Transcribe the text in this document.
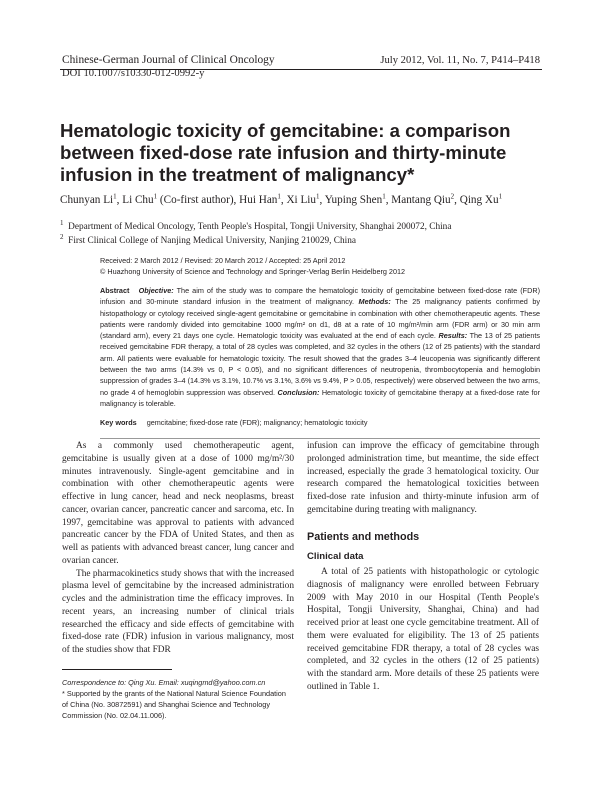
Chinese-German Journal of Clinical Oncology
DOI 10.1007/s10330-012-0992-y
July 2012, Vol. 11, No. 7, P414–P418
Hematologic toxicity of gemcitabine: a comparison between fixed-dose rate infusion and thirty-minute infusion in the treatment of malignancy*
Chunyan Li$^1$, Li Chu$^1$ (Co-first author), Hui Han$^1$, Xi Liu$^1$, Yuping Shen$^1$, Mantang Qiu$^2$, Qing Xu$^1$
$^1$ Department of Medical Oncology, Tenth People's Hospital, Tongji University, Shanghai 200072, China
$^2$ First Clinical College of Nanjing Medical University, Nanjing 210029, China
Received: 2 March 2012 / Revised: 20 March 2012 / Accepted: 25 April 2012
© Huazhong University of Science and Technology and Springer-Verlag Berlin Heidelberg 2012

Abstract Objective: The aim of the study was to compare the hematologic toxicity of gemcitabine between fixed-dose rate (FDR) infusion and 30-minute standard infusion in the treatment of malignancy. Methods: The 25 malignancy patients confirmed by histopathology or cytology received single-agent gemcitabine or gemcitabine in combination with other chemotherapeutic agents. These patients were randomly divided into gemcitabine 1000 mg/m² on d1, d8 at a rate of 10 mg/m²/min arm (FDR arm) or 30 min arm (standard arm), every 21 days one cycle. Hematologic toxicity was evaluated at the end of each cycle. Results: The 13 of 25 patients received gemcitabine FDR therapy, a total of 28 cycles was completed, and 32 cycles in the others (12 of 25 patients) with the standard arm. All patients were evaluable for hematologic toxicity. The result showed that the grades 3–4 leucopenia was significantly different between the two arms (14.3% vs 0, P < 0.05), and no significant differences of neutropenia, thrombocytopenia and hemoglobin suppression of grades 3–4 (14.3% vs 3.1%, 10.7% vs 3.1%, 3.6% vs 9.4%, P > 0.05, respectively) were observed between the two arms, no grade 4 of hemoglobin suppression was observed. Conclusion: Hematologic toxicity of gemcitabine therapy at a fixed-dose rate for malignancy is tolerable.

Key words gemcitabine; fixed-dose rate (FDR); malignancy; hematologic toxicity

As a commonly used chemotherapeutic agent, gemcitabine is usually given at a dose of 1000 mg/m²/30 minutes intravenously. Single-agent gemcitabine and in combination with other chemotherapeutic agents were effective in lung cancer, head and neck neoplasms, breast cancer, ovarian cancer, pancreatic cancer and sarcoma, etc. In 1997, gemcitabine was approval to patients with advanced pancreatic cancer by the FDA of United States, and then as well as patients with advanced breast cancer, lung cancer and ovarian cancer.

The pharmacokinetics study shows that with the increased plasma level of gemcitabine by the increased administration cycles and the administration time the efficacy improves. In recent years, an increasing number of clinical trials researched the efficacy and side effects of gemcitabine with fixed-dose rate (FDR) infusion in various malignancy, most of the studies show that FDR

Correspondence to: Qing Xu. Email: xuqingmd@yahoo.com.cn
* Supported by the grants of the National Natural Science Foundation of China (No. 30872591) and Shanghai Science and Technology Commission (No. 02.04.11.006).

infusion can improve the efficacy of gemcitabine through prolonged administration time, but meantime, the side effect increased, especially the grade 3 hematological toxicity. Our research compared the hematological toxicities between fixed-dose rate infusion and thirty-minute infusion arm of gemcitabine during treating with malignancy.

Patients and methods
Clinical data

A total of 25 patients with histopathologic or cytologic diagnosis of malignancy were enrolled between February 2009 with May 2010 in our Hospital (Tenth People's Hospital, Tongji University, Shanghai, China) and had received prior at least one cycle gemcitabine treatment. All of them were evaluated for eligibility. The 13 of 25 patients received gemcitabine FDR therapy, a total of 28 cycles was completed, and 32 cycles in the others (12 of 25 patients) with the standard arm. More details of these 25 patients were outlined in Table 1.
